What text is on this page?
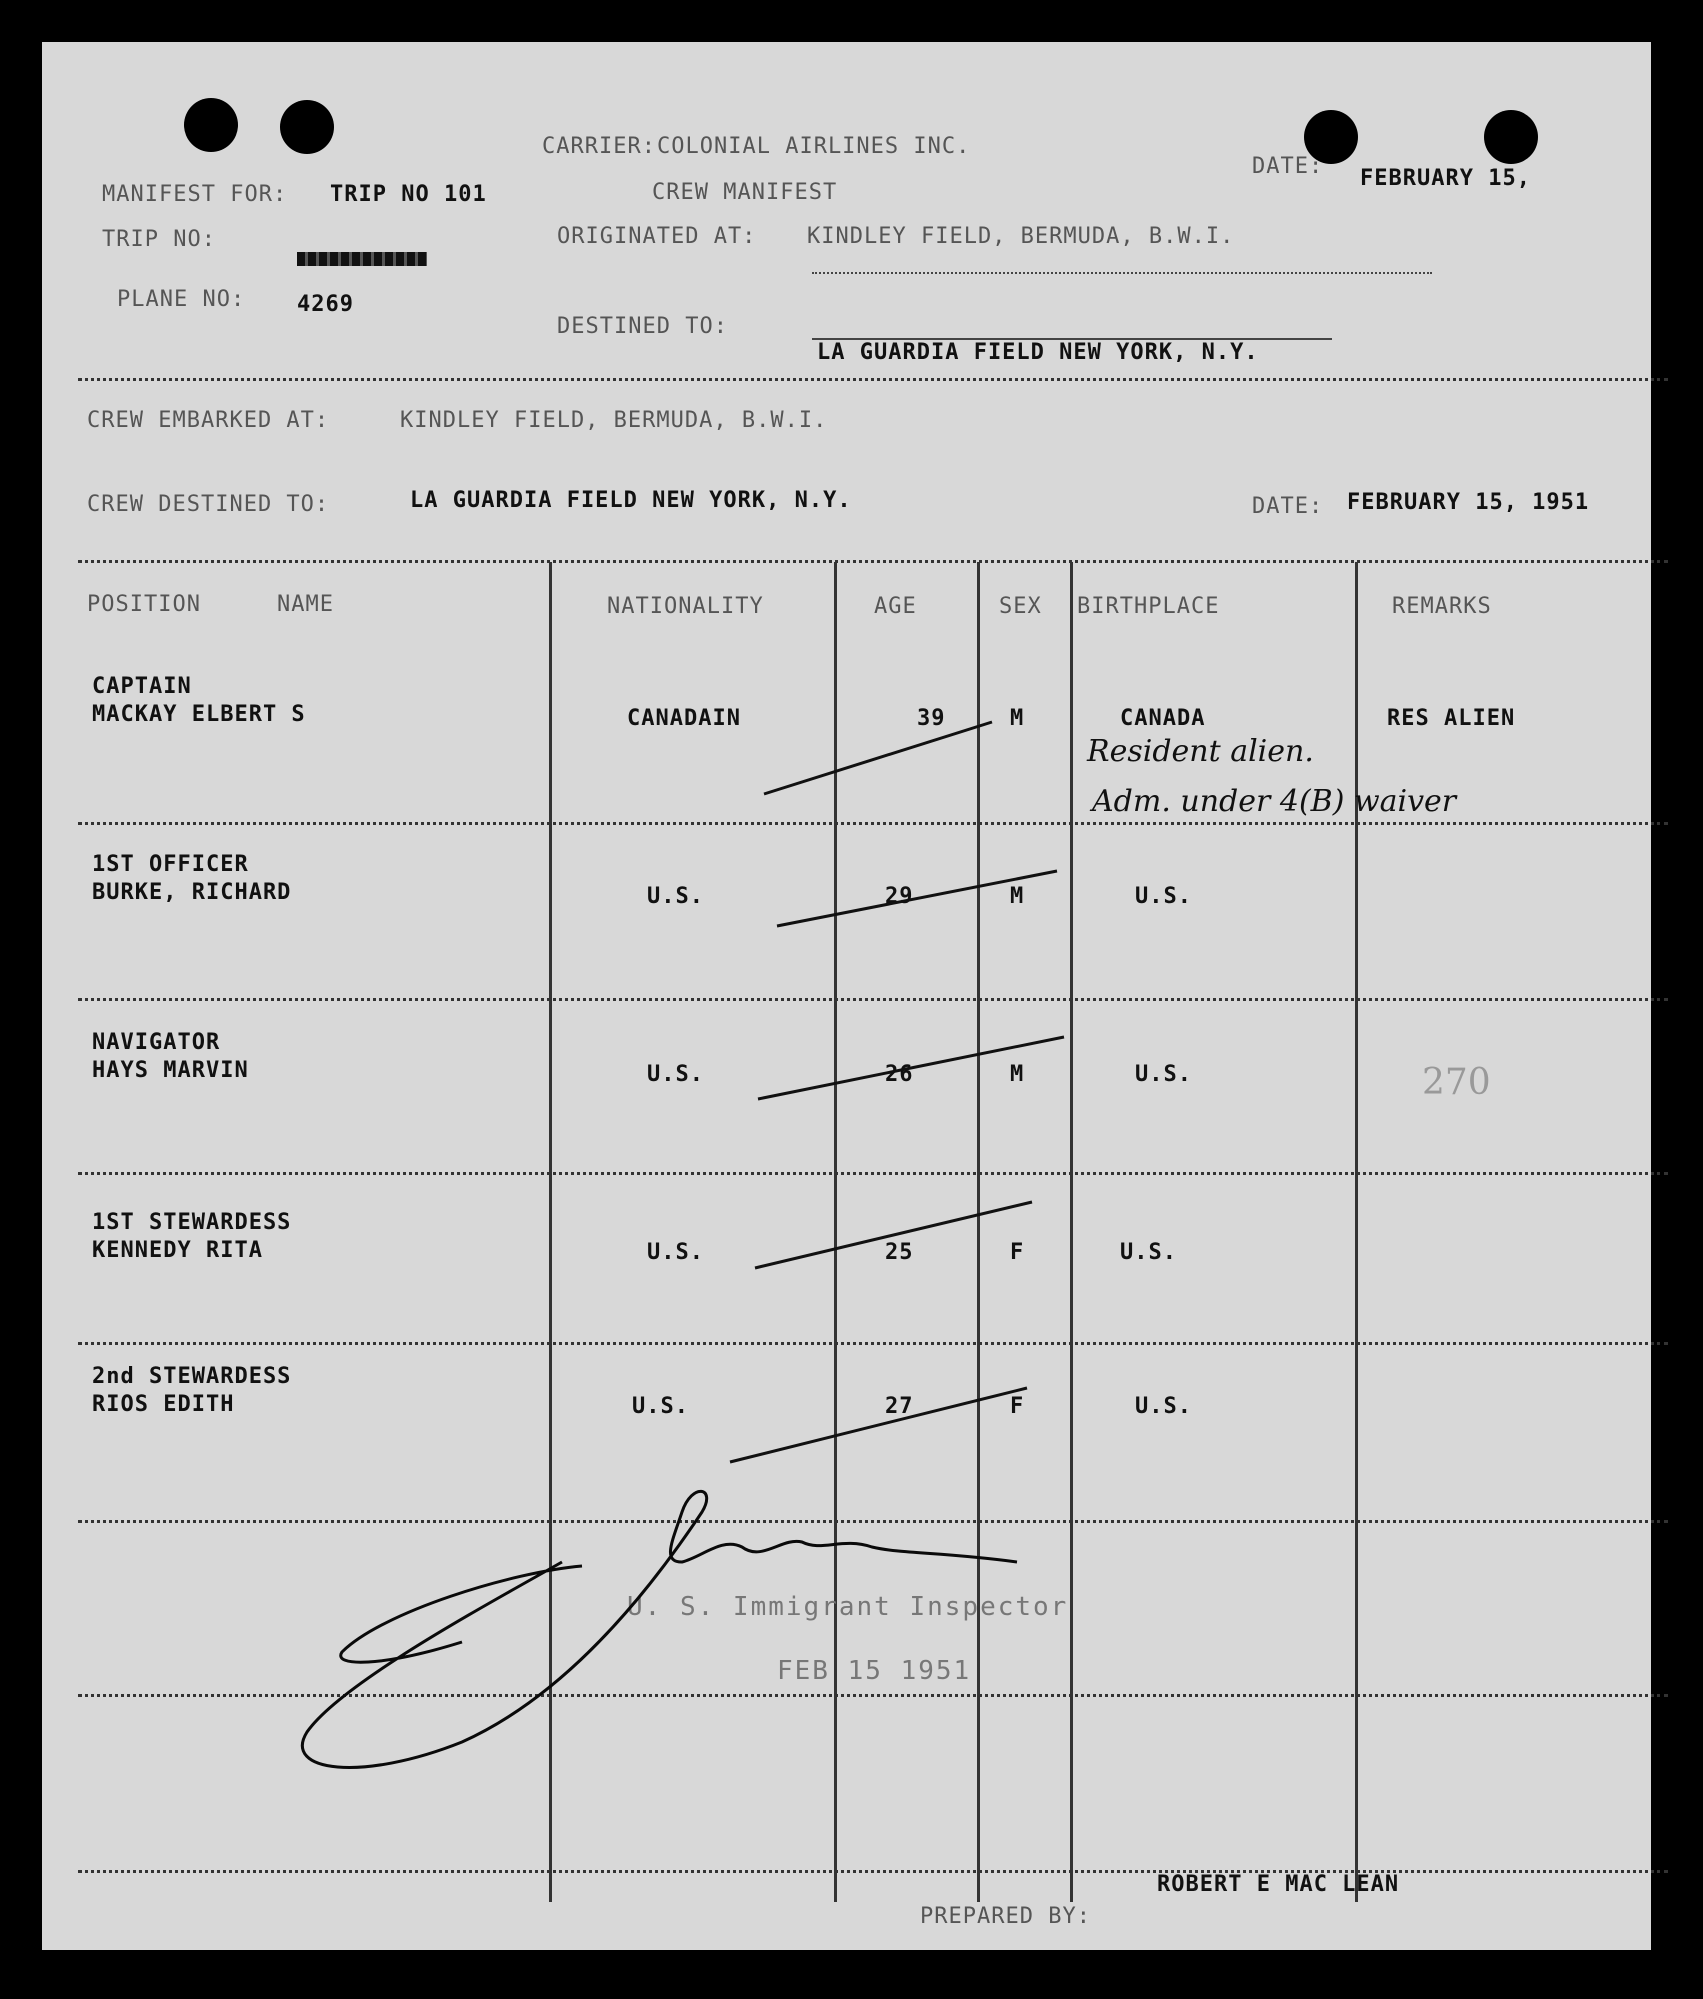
CARRIER: COLONIAL AIRLINES INC.
CREW MANIFEST
MANIFEST FOR: TRIP NO 101
DATE: FEBRUARY 15,
TRIP NO:	ORIGINATED AT: KINDLEY FIELD, BERMUDA, B.W.I.
PLANE NO: 4269
DESTINED TO:
LA GUARDIA FIELD NEW YORK, N.Y.
CREW EMBARKED AT:	KINDLEY FIELD, BERMUDA, B.W.I.
CREW DESTINED TO:	LA GUARDIA FIELD NEW YORK, N.Y.	DATE: FEBRUARY 15, 1951
POSITION	NAME	NATIONALITY	AGE	SEX BIRTHPLACE	REMARKS
CAPTAIN
MACKAY ELBERT S	CANADAIN	39	M	CANADA	RES ALIEN
Resident alien.
Adm. under 4(B) waiver
1ST OFFICER
BURKE, RICHARD	U.S.	29	M	U.S.
NAVIGATOR
HAYS MARVIN	U.S.	26	M	U.S.	270
1ST STEWARDESS
KENNEDY RITA	U.S.	25	F	U.S.
2nd STEWARDESS
RIOS EDITH	U.S.	27	F	U.S.
U. S. Immigrant Inspector
FEB 15 1951
ROBERT E MAC LEAN
PREPARED BY:
